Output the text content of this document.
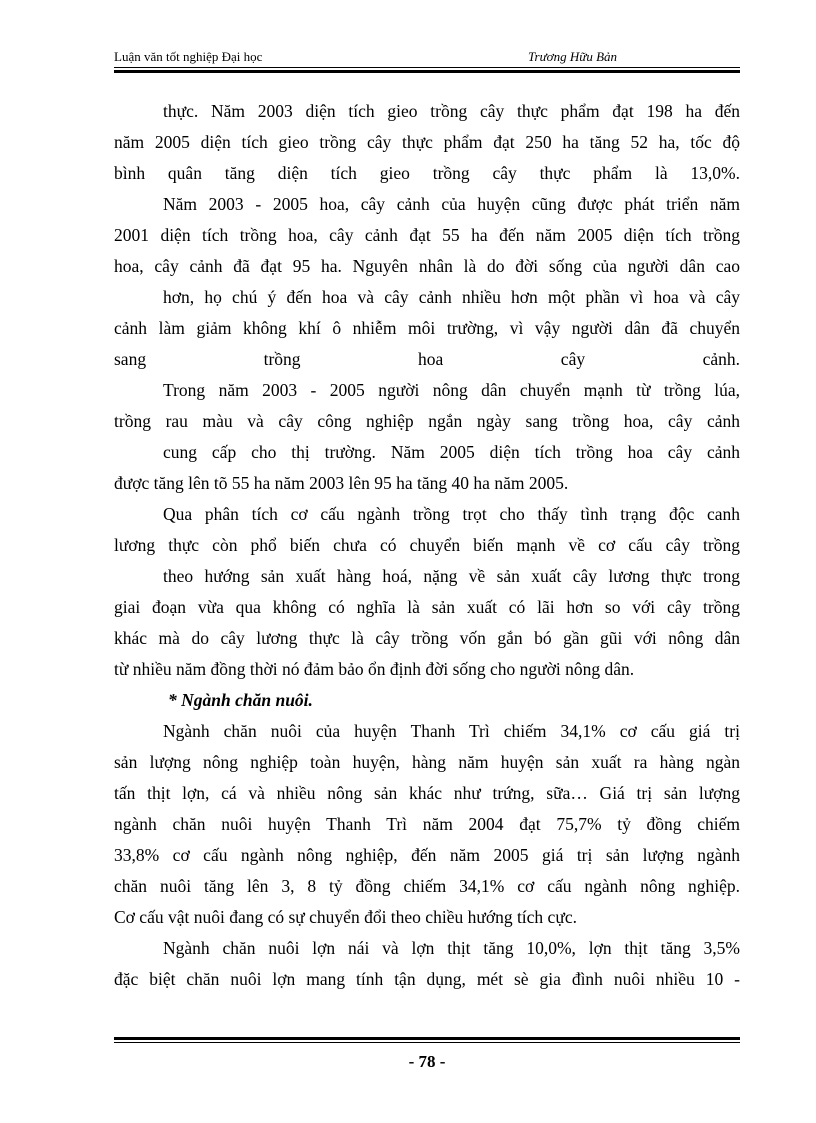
Luận văn tốt nghiệp Đại học	Trương Hữu Bản
thực. Năm 2003 diện tích gieo trồng cây thực phẩm đạt 198 ha đến
năm 2005 diện tích gieo trồng cây thực phẩm đạt 250 ha tăng 52 ha, tốc độ
bình quân tăng diện tích gieo trồng cây thực phẩm là 13,0%.
Năm 2003 - 2005 hoa, cây cảnh của huyện cũng được phát triển năm
2001 diện tích trồng hoa, cây cảnh đạt 55 ha đến năm 2005 diện tích trồng
hoa, cây cảnh đã đạt 95 ha. Nguyên nhân là do đời sống của người dân cao
hơn, họ chú ý đến hoa và cây cảnh nhiều hơn một phần vì hoa và cây
cảnh làm giảm không khí ô nhiễm môi trường, vì vậy người dân đã chuyển
sang trồng hoa cây cảnh.
Trong năm 2003 - 2005 người nông dân chuyển mạnh từ trồng lúa,
trồng rau màu và cây công nghiệp ngắn ngày sang trồng hoa, cây cảnh
cung cấp cho thị trường. Năm 2005 diện tích trồng hoa cây cảnh
được tăng lên tõ 55 ha năm 2003 lên 95 ha tăng 40 ha năm 2005.
Qua phân tích cơ cấu ngành trồng trọt cho thấy tình trạng độc canh
lương thực còn phổ biến chưa có chuyển biến mạnh về cơ cấu cây trồng
theo hướng sản xuất hàng hoá, nặng về sản xuất cây lương thực trong
giai đoạn vừa qua không có nghĩa là sản xuất có lãi hơn so với cây trồng
khác mà do cây lương thực là cây trồng vốn gắn bó gần gũi với nông dân
từ nhiều năm đồng thời nó đảm bảo ổn định đời sống cho người nông dân.
* Ngành chăn nuôi.
Ngành chăn nuôi của huyện Thanh Trì chiếm 34,1% cơ cấu giá trị
sản lượng nông nghiệp toàn huyện, hàng năm huyện sản xuất ra hàng ngàn
tấn thịt lợn, cá và nhiều nông sản khác như trứng, sữa… Giá trị sản lượng
ngành chăn nuôi huyện Thanh Trì năm 2004 đạt 75,7% tỷ đồng chiếm
33,8% cơ cấu ngành nông nghiệp, đến năm 2005 giá trị sản lượng ngành
chăn nuôi tăng lên 3, 8 tỷ đồng chiếm 34,1% cơ cấu ngành nông nghiệp.
Cơ cấu vật nuôi đang có sự chuyển đổi theo chiều hướng tích cực.
Ngành chăn nuôi lợn nái và lợn thịt tăng 10,0%, lợn thịt tăng 3,5%
đặc biệt chăn nuôi lợn mang tính tận dụng, mét sè gia đình nuôi nhiều 10 -
- 78 -
